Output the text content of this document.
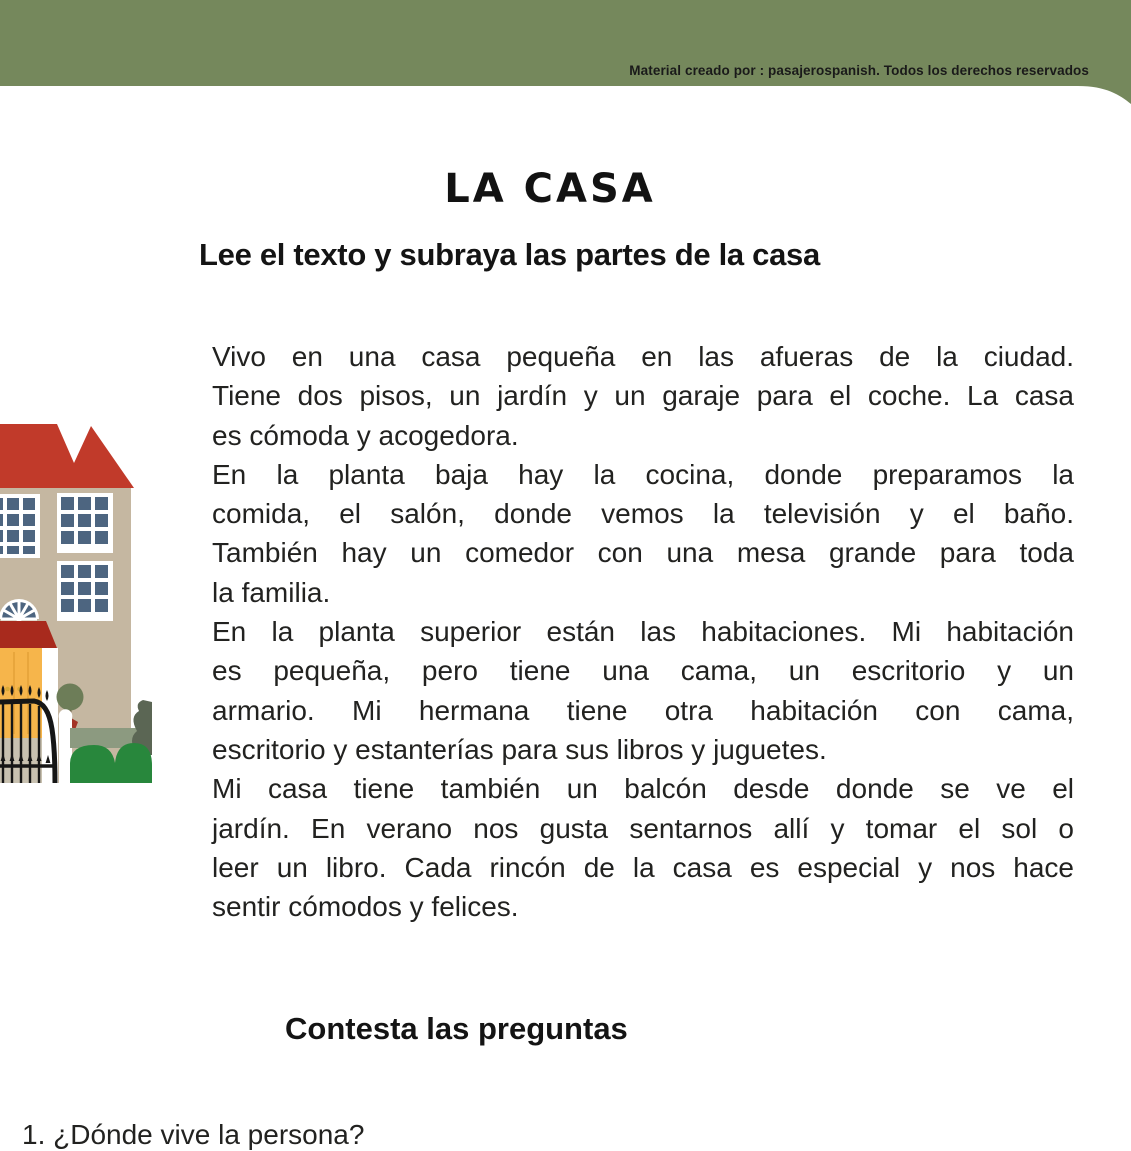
Material creado por : pasajerospanish. Todos los derechos reservados
LA CASA
Lee el texto y subraya las partes de la casa

Vivo en una casa pequeña en las afueras de la ciudad.
Tiene dos pisos, un jardín y un garaje para el coche. La casa
es cómoda y acogedora.

En la planta baja hay la cocina, donde preparamos la
comida, el salón, donde vemos la televisión y el baño.
También hay un comedor con una mesa grande para toda
la familia.

En la planta superior están las habitaciones. Mi habitación
es pequeña, pero tiene una cama, un escritorio y un
armario. Mi hermana tiene otra habitación con cama,
escritorio y estanterías para sus libros y juguetes.

Mi casa tiene también un balcón desde donde se ve el
jardín. En verano nos gusta sentarnos allí y tomar el sol o
leer un libro. Cada rincón de la casa es especial y nos hace
sentir cómodos y felices.

Contesta las preguntas
1. ¿Dónde vive la persona?
